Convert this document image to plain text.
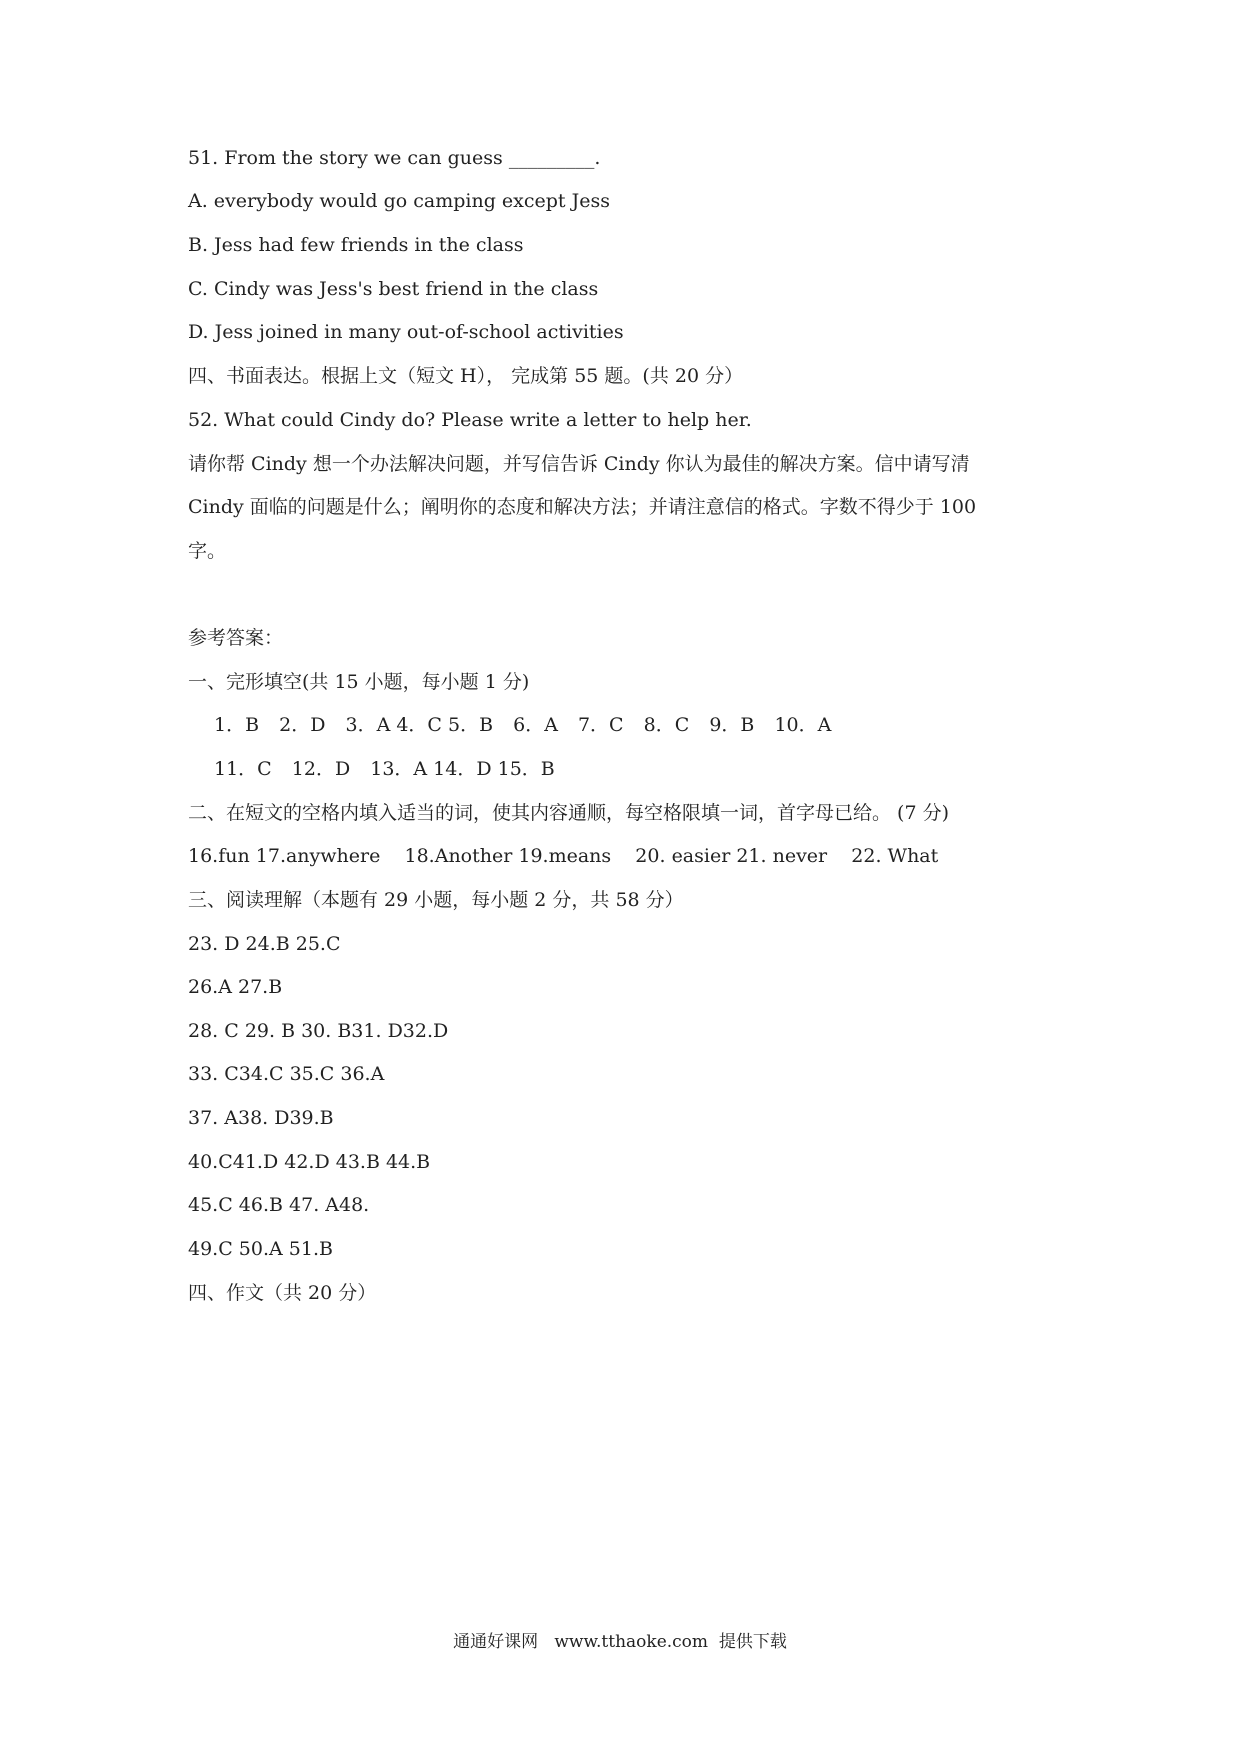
51. From the story we can guess _________.
A. everybody would go camping except Jess
B. Jess had few friends in the class
C. Cindy was Jess's best friend in the class
D. Jess joined in many out-of-school activities
四、书面表达。根据上文（短文 H）， 完成第 55 题。(共 20 分）
52. What could Cindy do? Please write a letter to help her.
请你帮 Cindy 想一个办法解决问题，并写信告诉 Cindy 你认为最佳的解决方案。信中请写清
Cindy 面临的问题是什么；阐明你的态度和解决方法；并请注意信的格式。字数不得少于 100
字。
参考答案：
一、完形填空(共 15 小题，每小题 1 分)
1．B 2．D 3．A 4．C 5．B 6．A 7．C 8．C 9．B 10．A
11．C 12．D 13．A 14．D 15．B
二、在短文的空格内填入适当的词，使其内容通顺，每空格限填一词，首字母已给。 (7 分)
16.fun 17.anywhere    18.Another 19.means    20. easier 21. never    22. What
三、阅读理解（本题有 29 小题，每小题 2 分，共 58 分）
23. D 24.B 25.C
26.A 27.B
28. C 29. B 30. B31. D32.D
33. C34.C 35.C 36.A
37. A38. D39.B
40.C41.D 42.D 43.B 44.B
45.C 46.B 47. A48.
49.C 50.A 51.B
四、作文（共 20 分）
通通好课网   www.tthaoke.com  提供下载
